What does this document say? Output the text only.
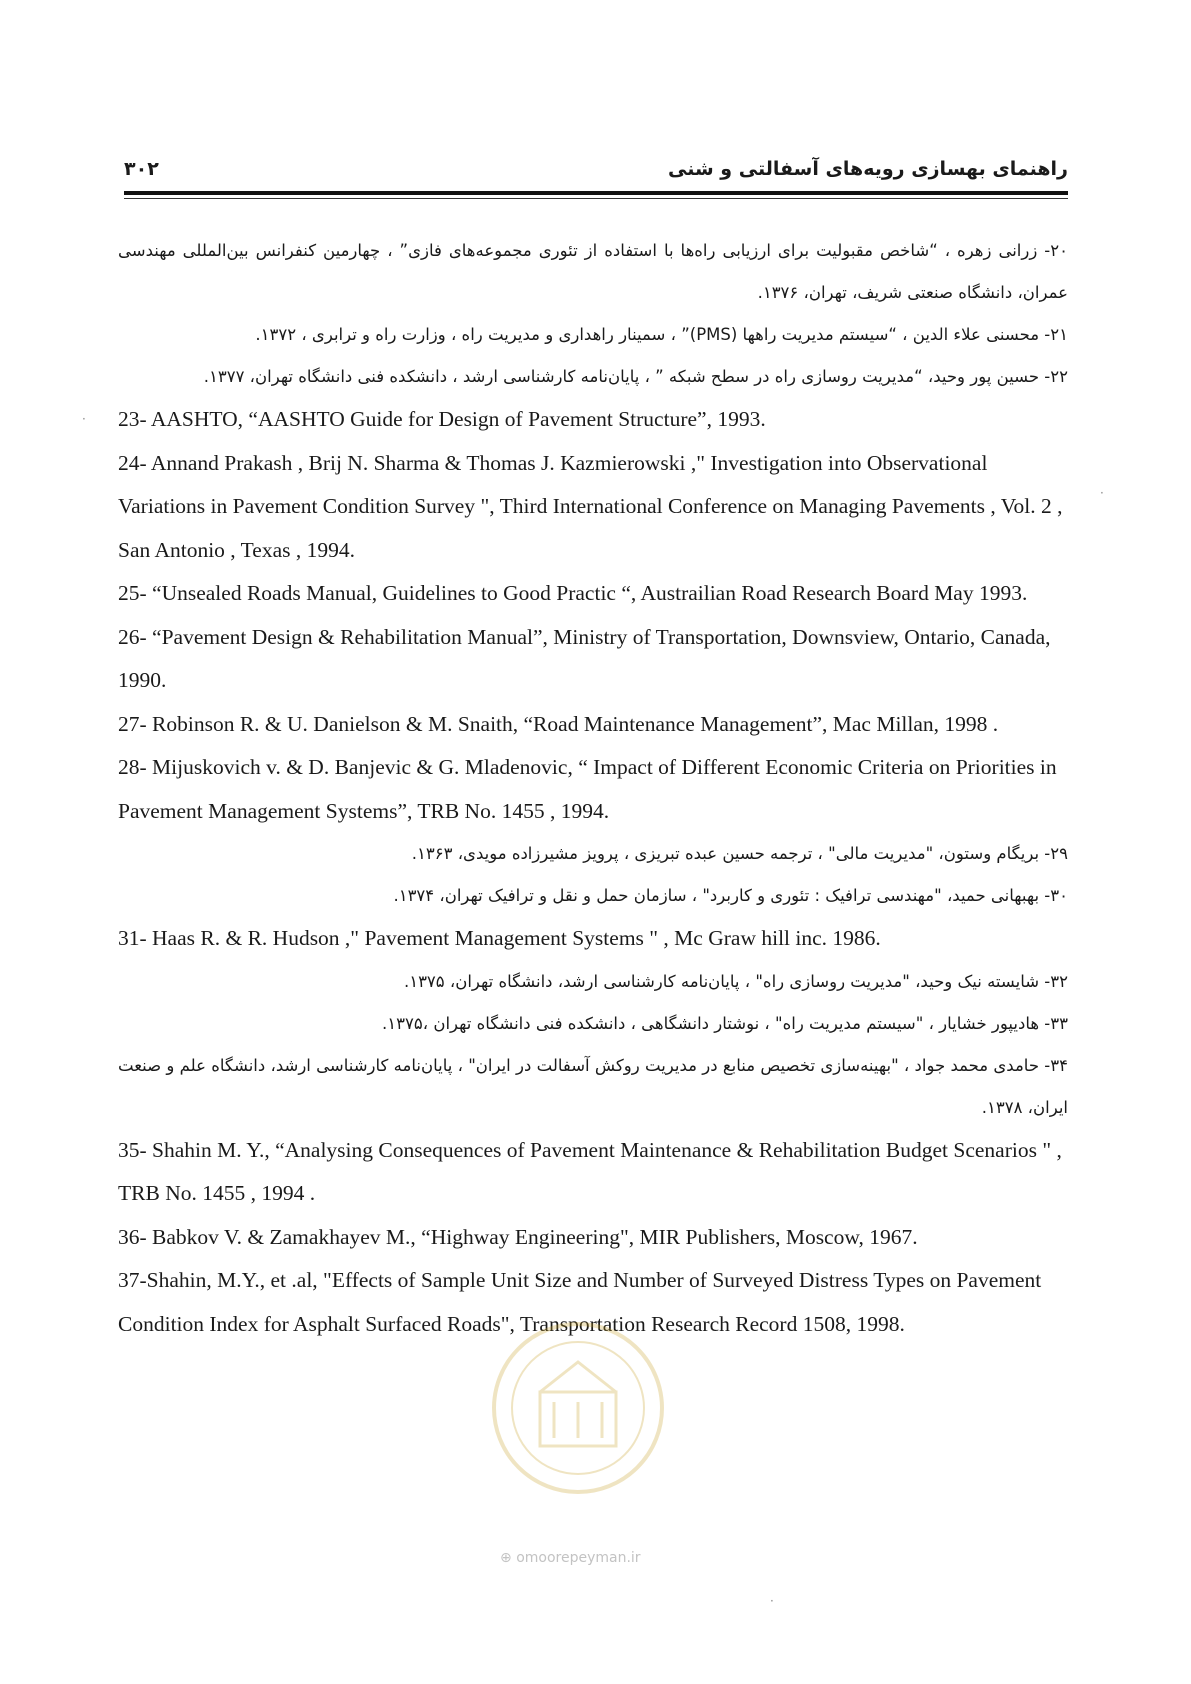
راهنمای بهسازی رویه‌های آسفالتی و شنی
۳۰۲

۲۰- زرانی زهره ، “شاخص مقبولیت برای ارزیابی راه‌ها با استفاده از تئوری مجموعه‌های فازی” ، چهارمین کنفرانس بین‌المللی مهندسی عمران، دانشگاه صنعتی شریف، تهران، ۱۳۷۶.

۲۱- محسنی علاء الدین ، “سیستم مدیریت راهها (PMS)” ، سمینار راهداری و مدیریت راه ، وزارت راه و ترابری ، ۱۳۷۲.

۲۲- حسین پور وحید، “مدیریت روسازی راه در سطح شبکه ” ، پایان‌نامه کارشناسی ارشد ، دانشکده فنی دانشگاه تهران، ۱۳۷۷.

23- AASHTO, “AASHTO Guide for Design of Pavement Structure”, 1993.

24- Annand Prakash , Brij N. Sharma & Thomas J. Kazmierowski ," Investigation into Observational Variations in Pavement Condition Survey ", Third International Conference on Managing Pavements , Vol. 2 , San Antonio , Texas , 1994.

25- “Unsealed Roads Manual, Guidelines to Good Practic “, Austrailian Road Research Board May 1993.

26- “Pavement Design & Rehabilitation Manual”, Ministry of Transportation, Downsview, Ontario, Canada, 1990.

27- Robinson R. & U. Danielson & M. Snaith, “Road Maintenance Management”, Mac Millan, 1998 .

28- Mijuskovich v. & D. Banjevic & G. Mladenovic, “ Impact of Different Economic Criteria on Priorities in Pavement Management Systems”, TRB No. 1455 , 1994.

۲۹- بریگام وستون، "مدیریت مالی" ، ترجمه حسین عبده تبریزی ، پرویز مشیرزاده مویدی، ۱۳۶۳.

۳۰- بهبهانی حمید، "مهندسی ترافیک : تئوری و کاربرد" ، سازمان حمل و نقل و ترافیک تهران، ۱۳۷۴.

31- Haas R. & R. Hudson ," Pavement Management Systems " , Mc Graw hill inc. 1986.

۳۲- شایسته نیک وحید، "مدیریت روسازی راه" ، پایان‌نامه کارشناسی ارشد، دانشگاه تهران، ۱۳۷۵.

۳۳- هادیپور خشایار ، "سیستم مدیریت راه" ، نوشتار دانشگاهی ، دانشکده فنی دانشگاه تهران ،۱۳۷۵.

۳۴- حامدی محمد جواد ، "بهینه‌سازی تخصیص منابع در مدیریت روکش آسفالت در ایران" ، پایان‌نامه کارشناسی ارشد، دانشگاه علم و صنعت ایران، ۱۳۷۸.

35- Shahin M. Y., “Analysing Consequences of Pavement Maintenance & Rehabilitation Budget Scenarios " , TRB No. 1455 , 1994 .

36- Babkov V. & Zamakhayev M., “Highway Engineering", MIR Publishers, Moscow, 1967.

37-Shahin, M.Y., et .al, "Effects of Sample Unit Size and Number of Surveyed Distress Types on Pavement Condition Index for Asphalt Surfaced Roads", Transportation Research Record 1508, 1998.

⊕ omoorepeyman.ir
·
·
·
